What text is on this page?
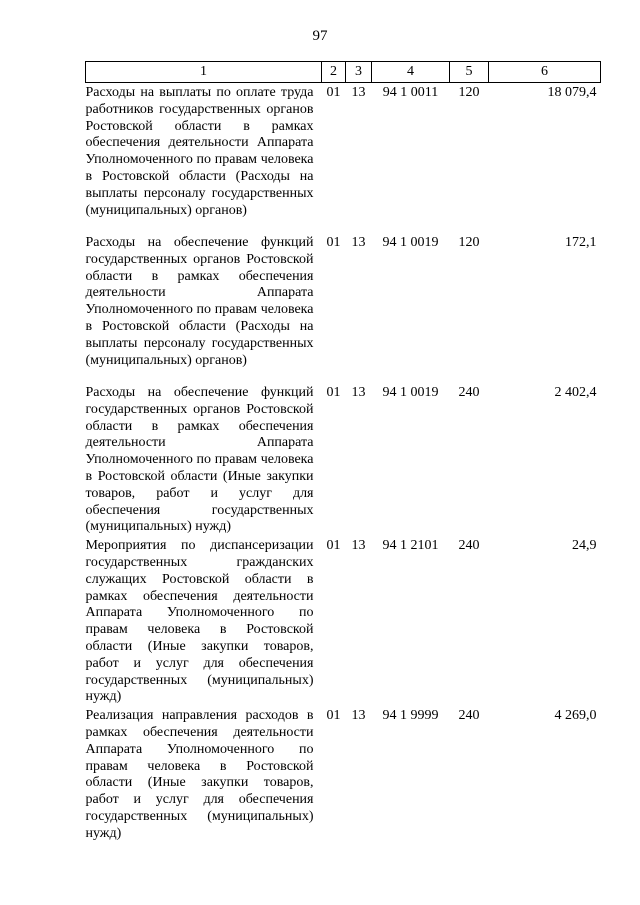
97
1	2	3	4	5	6
Расходы на выплаты по оплате труда работников государственных органов Ростовской области в рамках обеспечения деятельности Аппарата Уполномоченного по правам человека в Ростовской области (Расходы на выплаты персоналу государственных (муниципальных) органов)	01	13	94 1 0011	120	18 079,4
Расходы на обеспечение функций государственных органов Ростовской области в рамках обеспечения деятельности Аппарата Уполномоченного по правам человека в Ростовской области (Расходы на выплаты персоналу государственных (муниципальных) органов)	01	13	94 1 0019	120	172,1
Расходы на обеспечение функций государственных органов Ростовской области в рамках обеспечения деятельности Аппарата Уполномоченного по правам человека в Ростовской области (Иные закупки товаров, работ и услуг для обеспечения государственных (муниципальных) нужд)	01	13	94 1 0019	240	2 402,4
Мероприятия по диспансеризации государственных гражданских служащих Ростовской области в рамках обеспечения деятельности Аппарата Уполномоченного по правам человека в Ростовской области (Иные закупки товаров, работ и услуг для обеспечения государственных (муниципальных) нужд)	01	13	94 1 2101	240	24,9
Реализация направления расходов в рамках обеспечения деятельности Аппарата Уполномоченного по правам человека в Ростовской области (Иные закупки товаров, работ и услуг для обеспечения государственных (муниципальных) нужд)	01	13	94 1 9999	240	4 269,0
